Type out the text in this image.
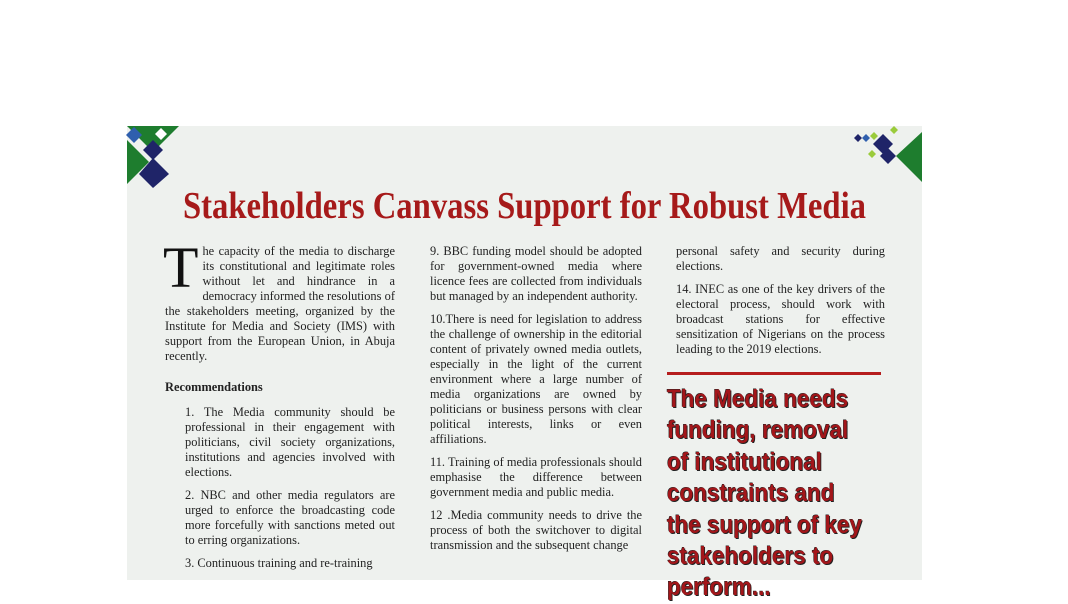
Stakeholders Canvass Support for Robust Media

The capacity of the media to discharge its constitutional and legitimate roles without let and hindrance in a democracy informed the resolutions of the stakeholders meeting, organized by the Institute for Media and Society (IMS) with support from the European Union, in Abuja recently.

Recommendations

1. The Media community should be professional in their engagement with politicians, civil society organizations, institutions and agencies involved with elections.

2. NBC and other media regulators are urged to enforce the broadcasting code more forcefully with sanctions meted out to erring organizations.

3. Continuous training and re-training

9. BBC funding model should be adopted for government-owned media where licence fees are collected from individuals but managed by an independent authority.

10.There is need for legislation to address the challenge of ownership in the editorial content of privately owned media outlets, especially in the light of the current environment where a large number of media organizations are owned by politicians or business persons with clear political interests, links or even affiliations.

11. Training of media professionals should emphasise the difference between government media and public media.

12 .Media community needs to drive the process of both the switchover to digital transmission and the subsequent change

personal safety and security during elections.

14. INEC as one of the key drivers of the electoral process, should work with broadcast stations for effective sensitization of Nigerians on the process leading to the 2019 elections.

The Media needs funding, removal of institutional constraints and the support of key stakeholders to perform...
